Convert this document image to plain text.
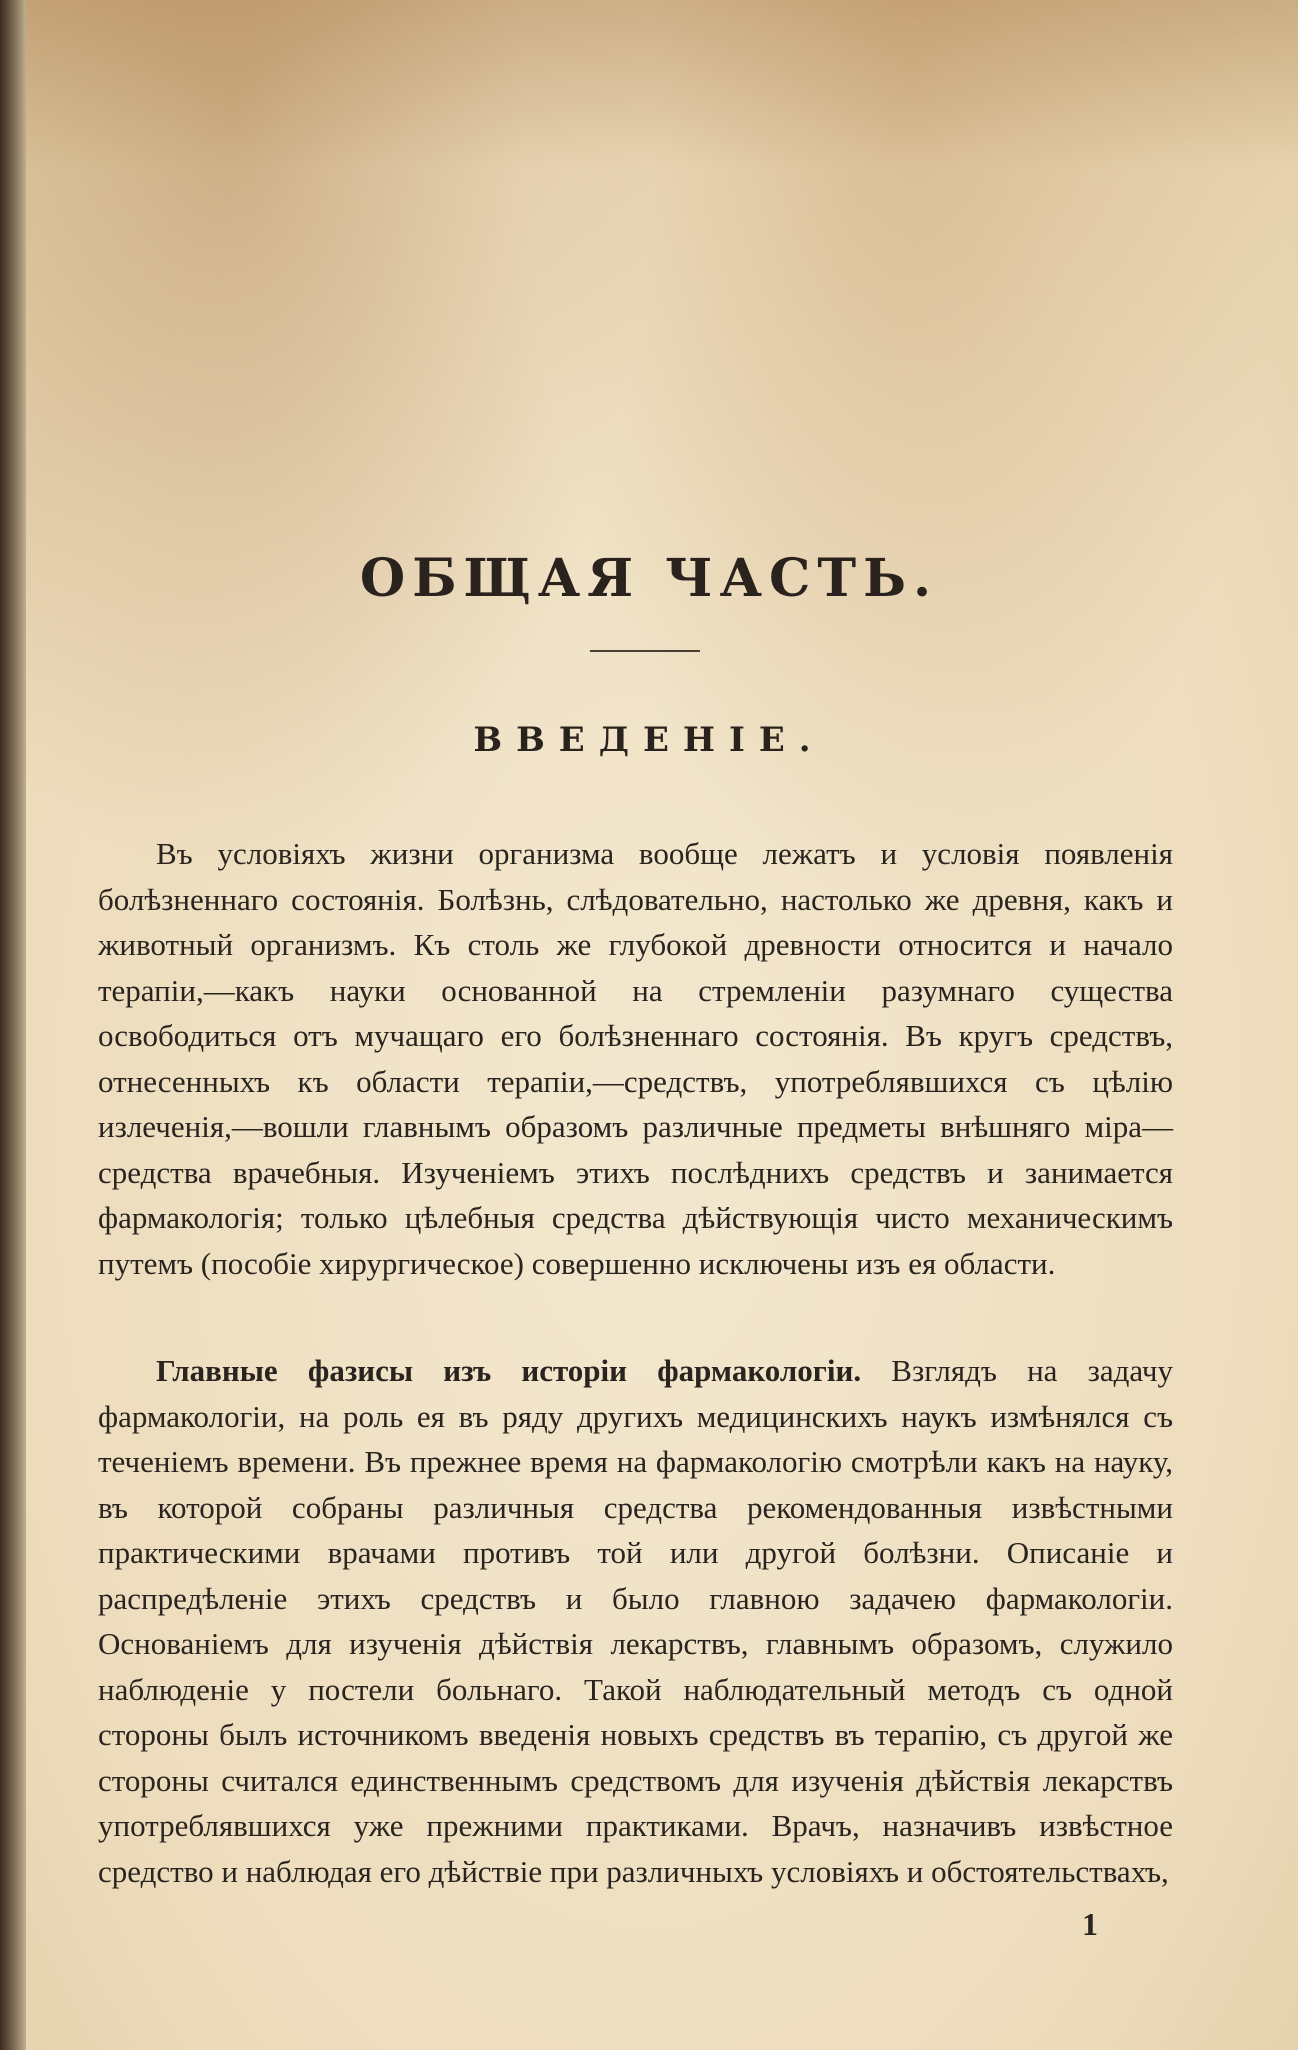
ОБЩАЯ ЧАСТЬ.
ВВЕДЕНІЕ.

Въ условіяхъ жизни организма вообще лежатъ и условія появленія болѣзненнаго состоянія. Болѣзнь, слѣдовательно, настолько же древня, какъ и животный организмъ. Къ столь же глубокой древности относится и начало терапіи,—какъ науки основанной на стремленіи разумнаго существа освободиться отъ мучащаго его болѣзненнаго состоянія. Въ кругъ средствъ, отнесенныхъ къ области терапіи,—средствъ, употреблявшихся съ цѣлію излеченія,—вошли главнымъ образомъ различные предметы внѣшняго міра—средства врачебныя. Изученіемъ этихъ послѣднихъ средствъ и занимается фармакологія; только цѣлебныя средства дѣйствующія чисто механическимъ путемъ (пособіе хирургическое) совершенно исключены изъ ея области.

Главные фазисы изъ исторіи фармакологіи. Взглядъ на задачу фармакологіи, на роль ея въ ряду другихъ медицинскихъ наукъ измѣнялся съ теченіемъ времени. Въ прежнее время на фармакологію смотрѣли какъ на науку, въ которой собраны различныя средства рекомендованныя извѣстными практическими врачами противъ той или другой болѣзни. Описаніе и распредѣленіе этихъ средствъ и было главною задачею фармакологіи. Основаніемъ для изученія дѣйствія лекарствъ, главнымъ образомъ, служило наблюденіе у постели больнаго. Такой наблюдательный методъ съ одной стороны былъ источникомъ введенія новыхъ средствъ въ терапію, съ другой же стороны считался единственнымъ средствомъ для изученія дѣйствія лекарствъ употреблявшихся уже прежними практиками. Врачъ, назначивъ извѣстное средство и наблюдая его дѣйствіе при различныхъ условіяхъ и обстоятельствахъ,

1
